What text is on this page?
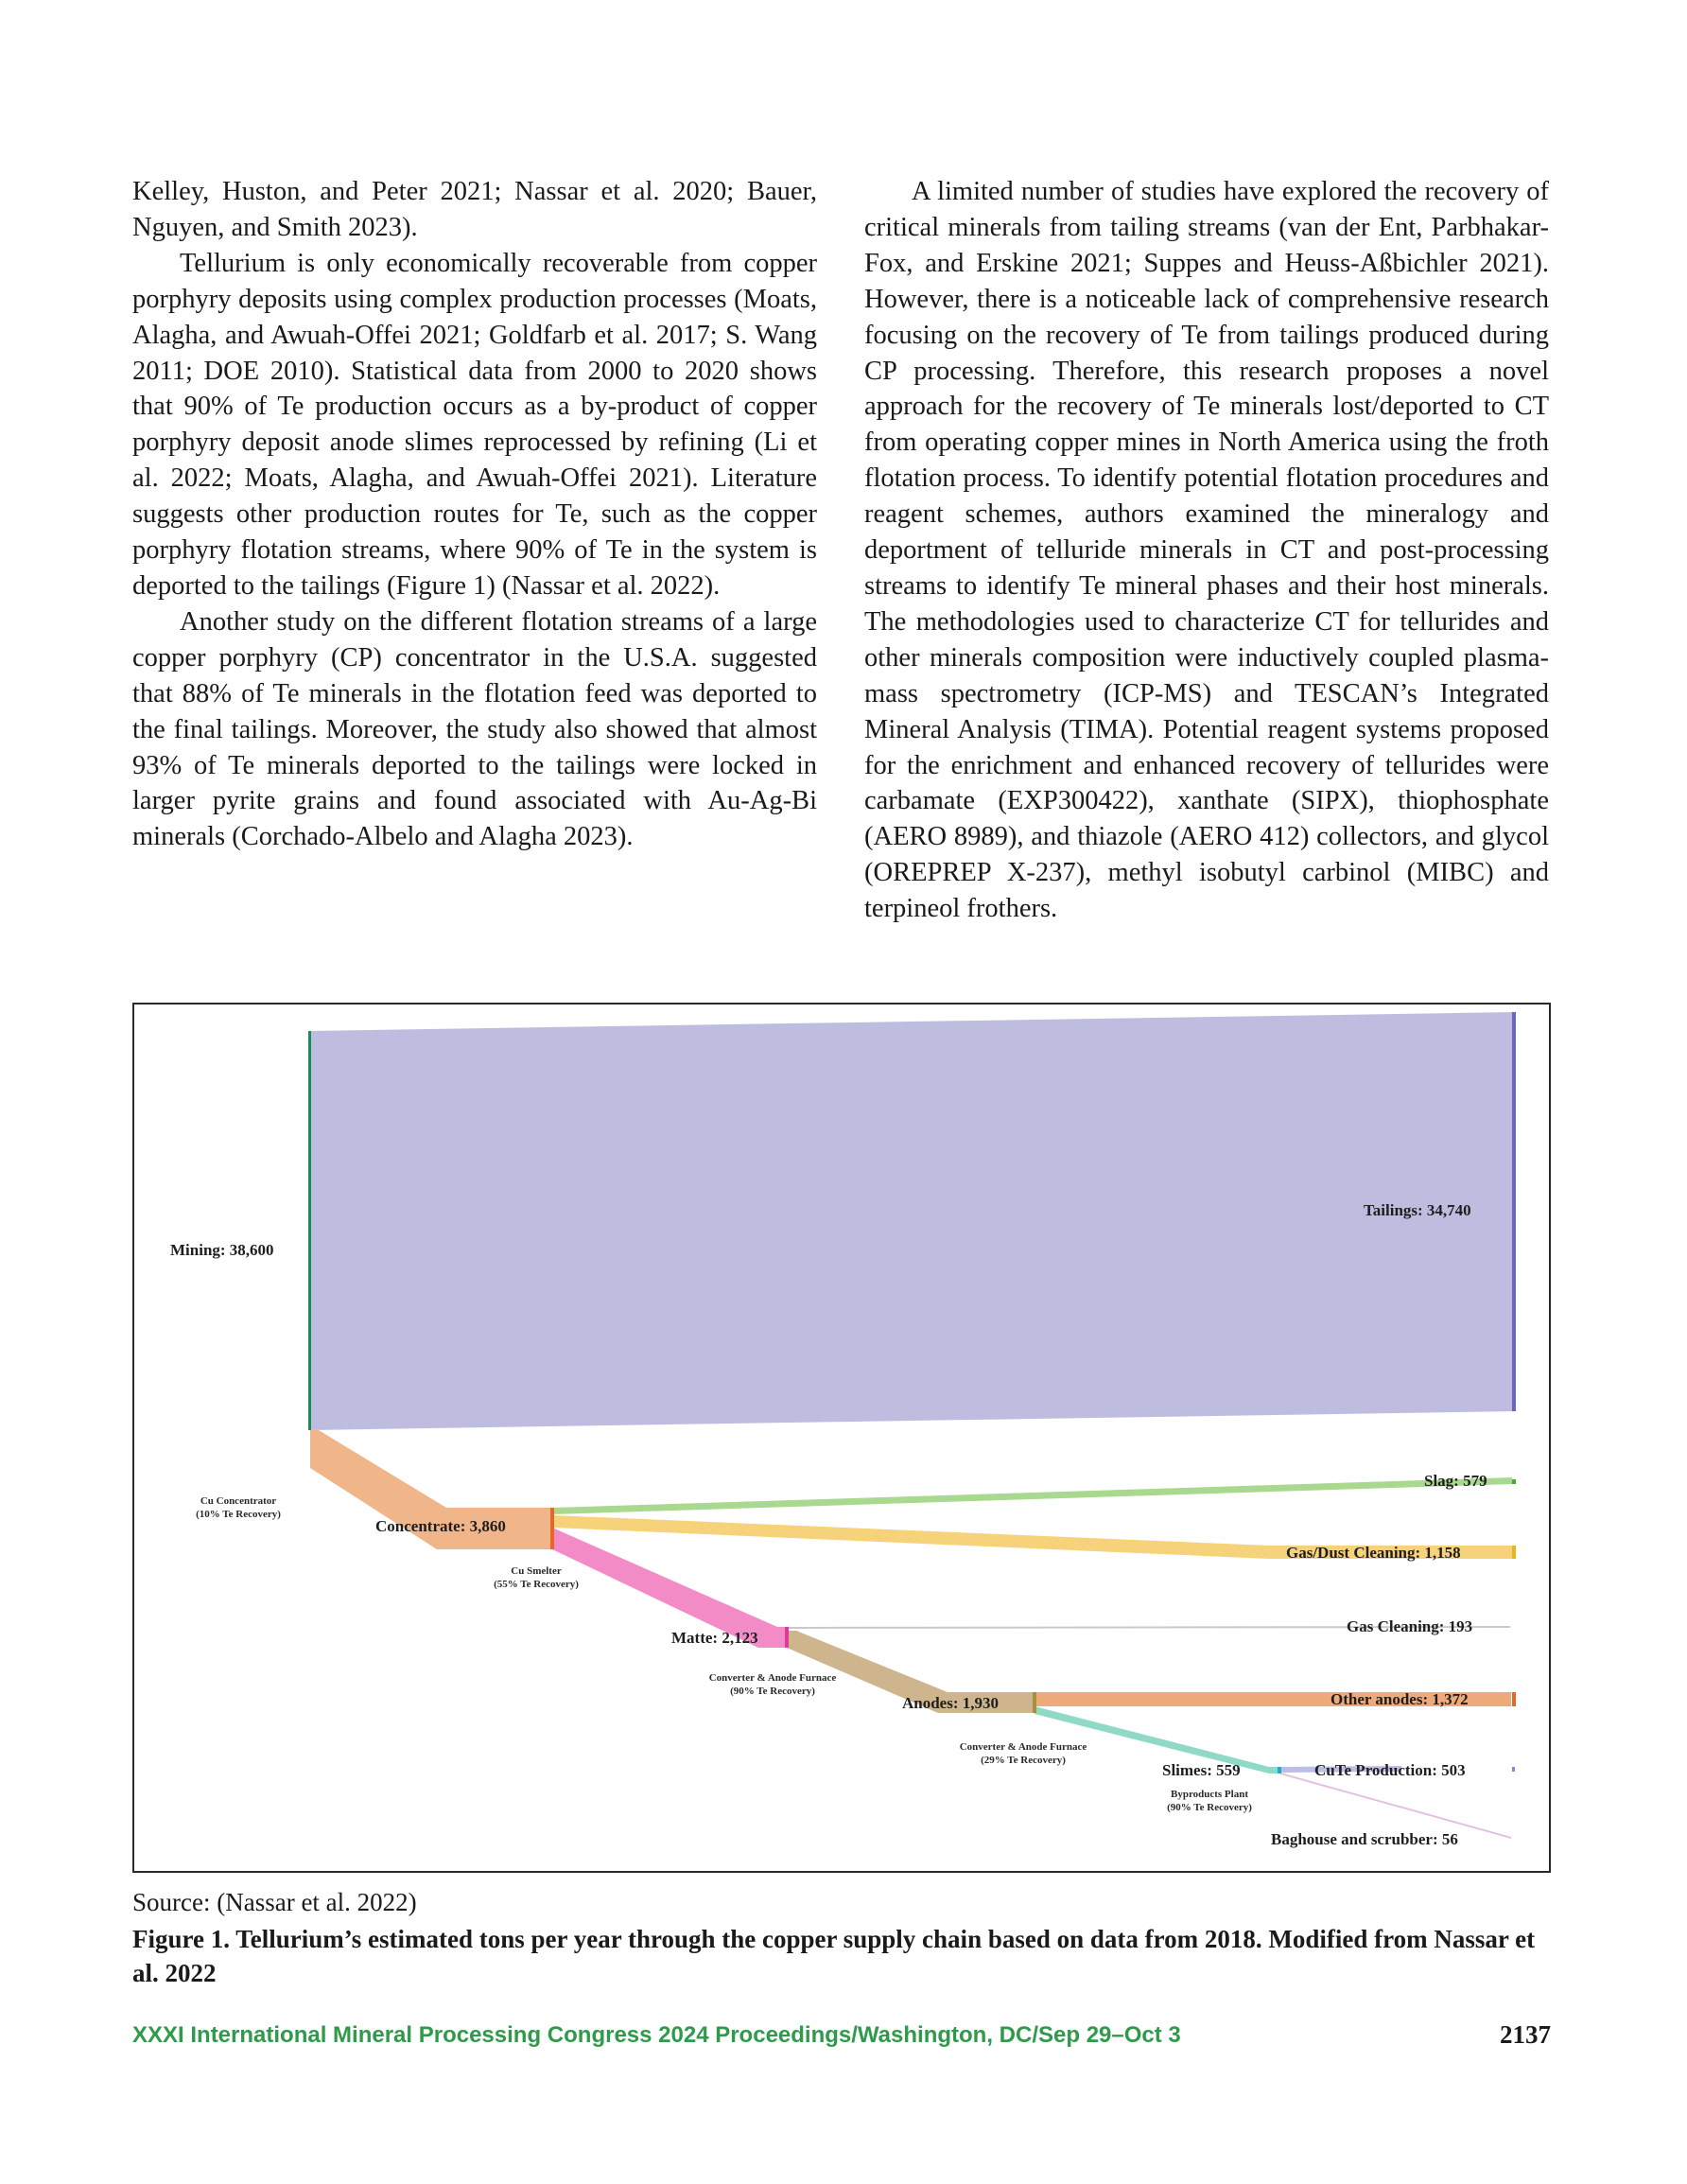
Kelley, Huston, and Peter 2021; Nassar et al. 2020; Bauer, Nguyen, and Smith 2023).

Tellurium is only economically recoverable from copper porphyry deposits using complex production processes (Moats, Alagha, and Awuah-Offei 2021; Goldfarb et al. 2017; S. Wang 2011; DOE 2010). Statistical data from 2000 to 2020 shows that 90% of Te production occurs as a by-product of copper porphyry deposit anode slimes reprocessed by refining (Li et al. 2022; Moats, Alagha, and Awuah-Offei 2021). Literature suggests other production routes for Te, such as the copper porphyry flotation streams, where 90% of Te in the system is deported to the tailings (Figure 1) (Nassar et al. 2022).

Another study on the different flotation streams of a large copper porphyry (CP) concentrator in the U.S.A. suggested that 88% of Te minerals in the flotation feed was deported to the final tailings. Moreover, the study also showed that almost 93% of Te minerals deported to the tailings were locked in larger pyrite grains and found associated with Au-Ag-Bi minerals (Corchado-Albelo and Alagha 2023).

A limited number of studies have explored the recovery of critical minerals from tailing streams (van der Ent, Parbhakar-Fox, and Erskine 2021; Suppes and Heuss-Aßbichler 2021). However, there is a noticeable lack of comprehensive research focusing on the recovery of Te from tailings produced during CP processing. Therefore, this research proposes a novel approach for the recovery of Te minerals lost/deported to CT from operating copper mines in North America using the froth flotation process. To identify potential flotation procedures and reagent schemes, authors examined the mineralogy and deportment of telluride minerals in CT and post-processing streams to identify Te mineral phases and their host minerals. The methodologies used to characterize CT for tellurides and other minerals composition were inductively coupled plasma-mass spectrometry (ICP-MS) and TESCAN’s Integrated Mineral Analysis (TIMA). Potential reagent systems proposed for the enrichment and enhanced recovery of tellurides were carbamate (EXP300422), xanthate (SIPX), thiophosphate (AERO 8989), and thiazole (AERO 412) collectors, and glycol (OREPREP X-237), methyl isobutyl carbinol (MIBC) and terpineol frothers.

Mining: 38,600
Tailings: 34,740
Concentrate: 3,860
Slag: 579
Gas/Dust Cleaning: 1,158
Matte: 2,123
Gas Cleaning: 193
Anodes: 1,930	Other anodes: 1,372
Slimes: 559	CuTe Production: 503
Baghouse and scrubber: 56
Cu Concentrator
(10% Te Recovery)
Cu Smelter
(55% Te Recovery)
Converter & Anode Furnace
(90% Te Recovery)
Converter & Anode Furnace
(29% Te Recovery)
Byproducts Plant
(90% Te Recovery)
Source: (Nassar et al. 2022)
Figure 1. Tellurium’s estimated tons per year through the copper supply chain based on data from 2018. Modified from Nassar et al. 2022
XXXI International Mineral Processing Congress 2024 Proceedings/Washington, DC/Sep 29–Oct 3	2137
